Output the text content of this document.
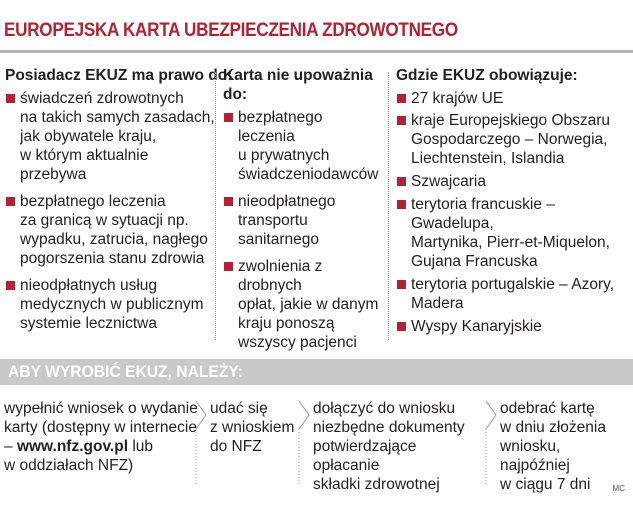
EUROPEJSKA KARTA UBEZPIECZENIA ZDROWOTNEGO
Posiadacz EKUZ ma prawo do:
świadczeń zdrowotnych
na takich samych zasadach,
jak obywatele kraju,
w którym aktualnie przebywa
bezpłatnego leczenia
za granicą w sytuacji np.
wypadku, zatrucia, nagłego
pogorszenia stanu zdrowia
nieodpłatnych usług
medycznych w publicznym
systemie lecznictwa
Karta nie upoważnia
do:
bezpłatnego leczenia
u prywatnych
świadczeniodawców
nieodpłatnego
transportu
sanitarnego
zwolnienia z drobnych
opłat, jakie w danym
kraju ponoszą
wszyscy pacjenci
Gdzie EKUZ obowiązuje:
27 krajów UE
kraje Europejskiego Obszaru
Gospodarczego – Norwegia,
Liechtenstein, Islandia
Szwajcaria
terytoria francuskie – Gwadelupa,
Martynika, Pierr-et-Miquelon,
Gujana Francuska
terytoria portugalskie – Azory,
Madera
Wyspy Kanaryjskie
ABY WYROBIĆ EKUZ, NALEŻY:
wypełnić wniosek o wydanie
karty (dostępny w internecie
– www.nfz.gov.pl lub
w oddziałach NFZ)
udać się
z wnioskiem
do NFZ
dołączyć do wniosku
niezbędne dokumenty
potwierdzające opłacanie
składki zdrowotnej
odebrać kartę
w dniu złożenia
wniosku, najpóźniej
w ciągu 7 dni	MC
